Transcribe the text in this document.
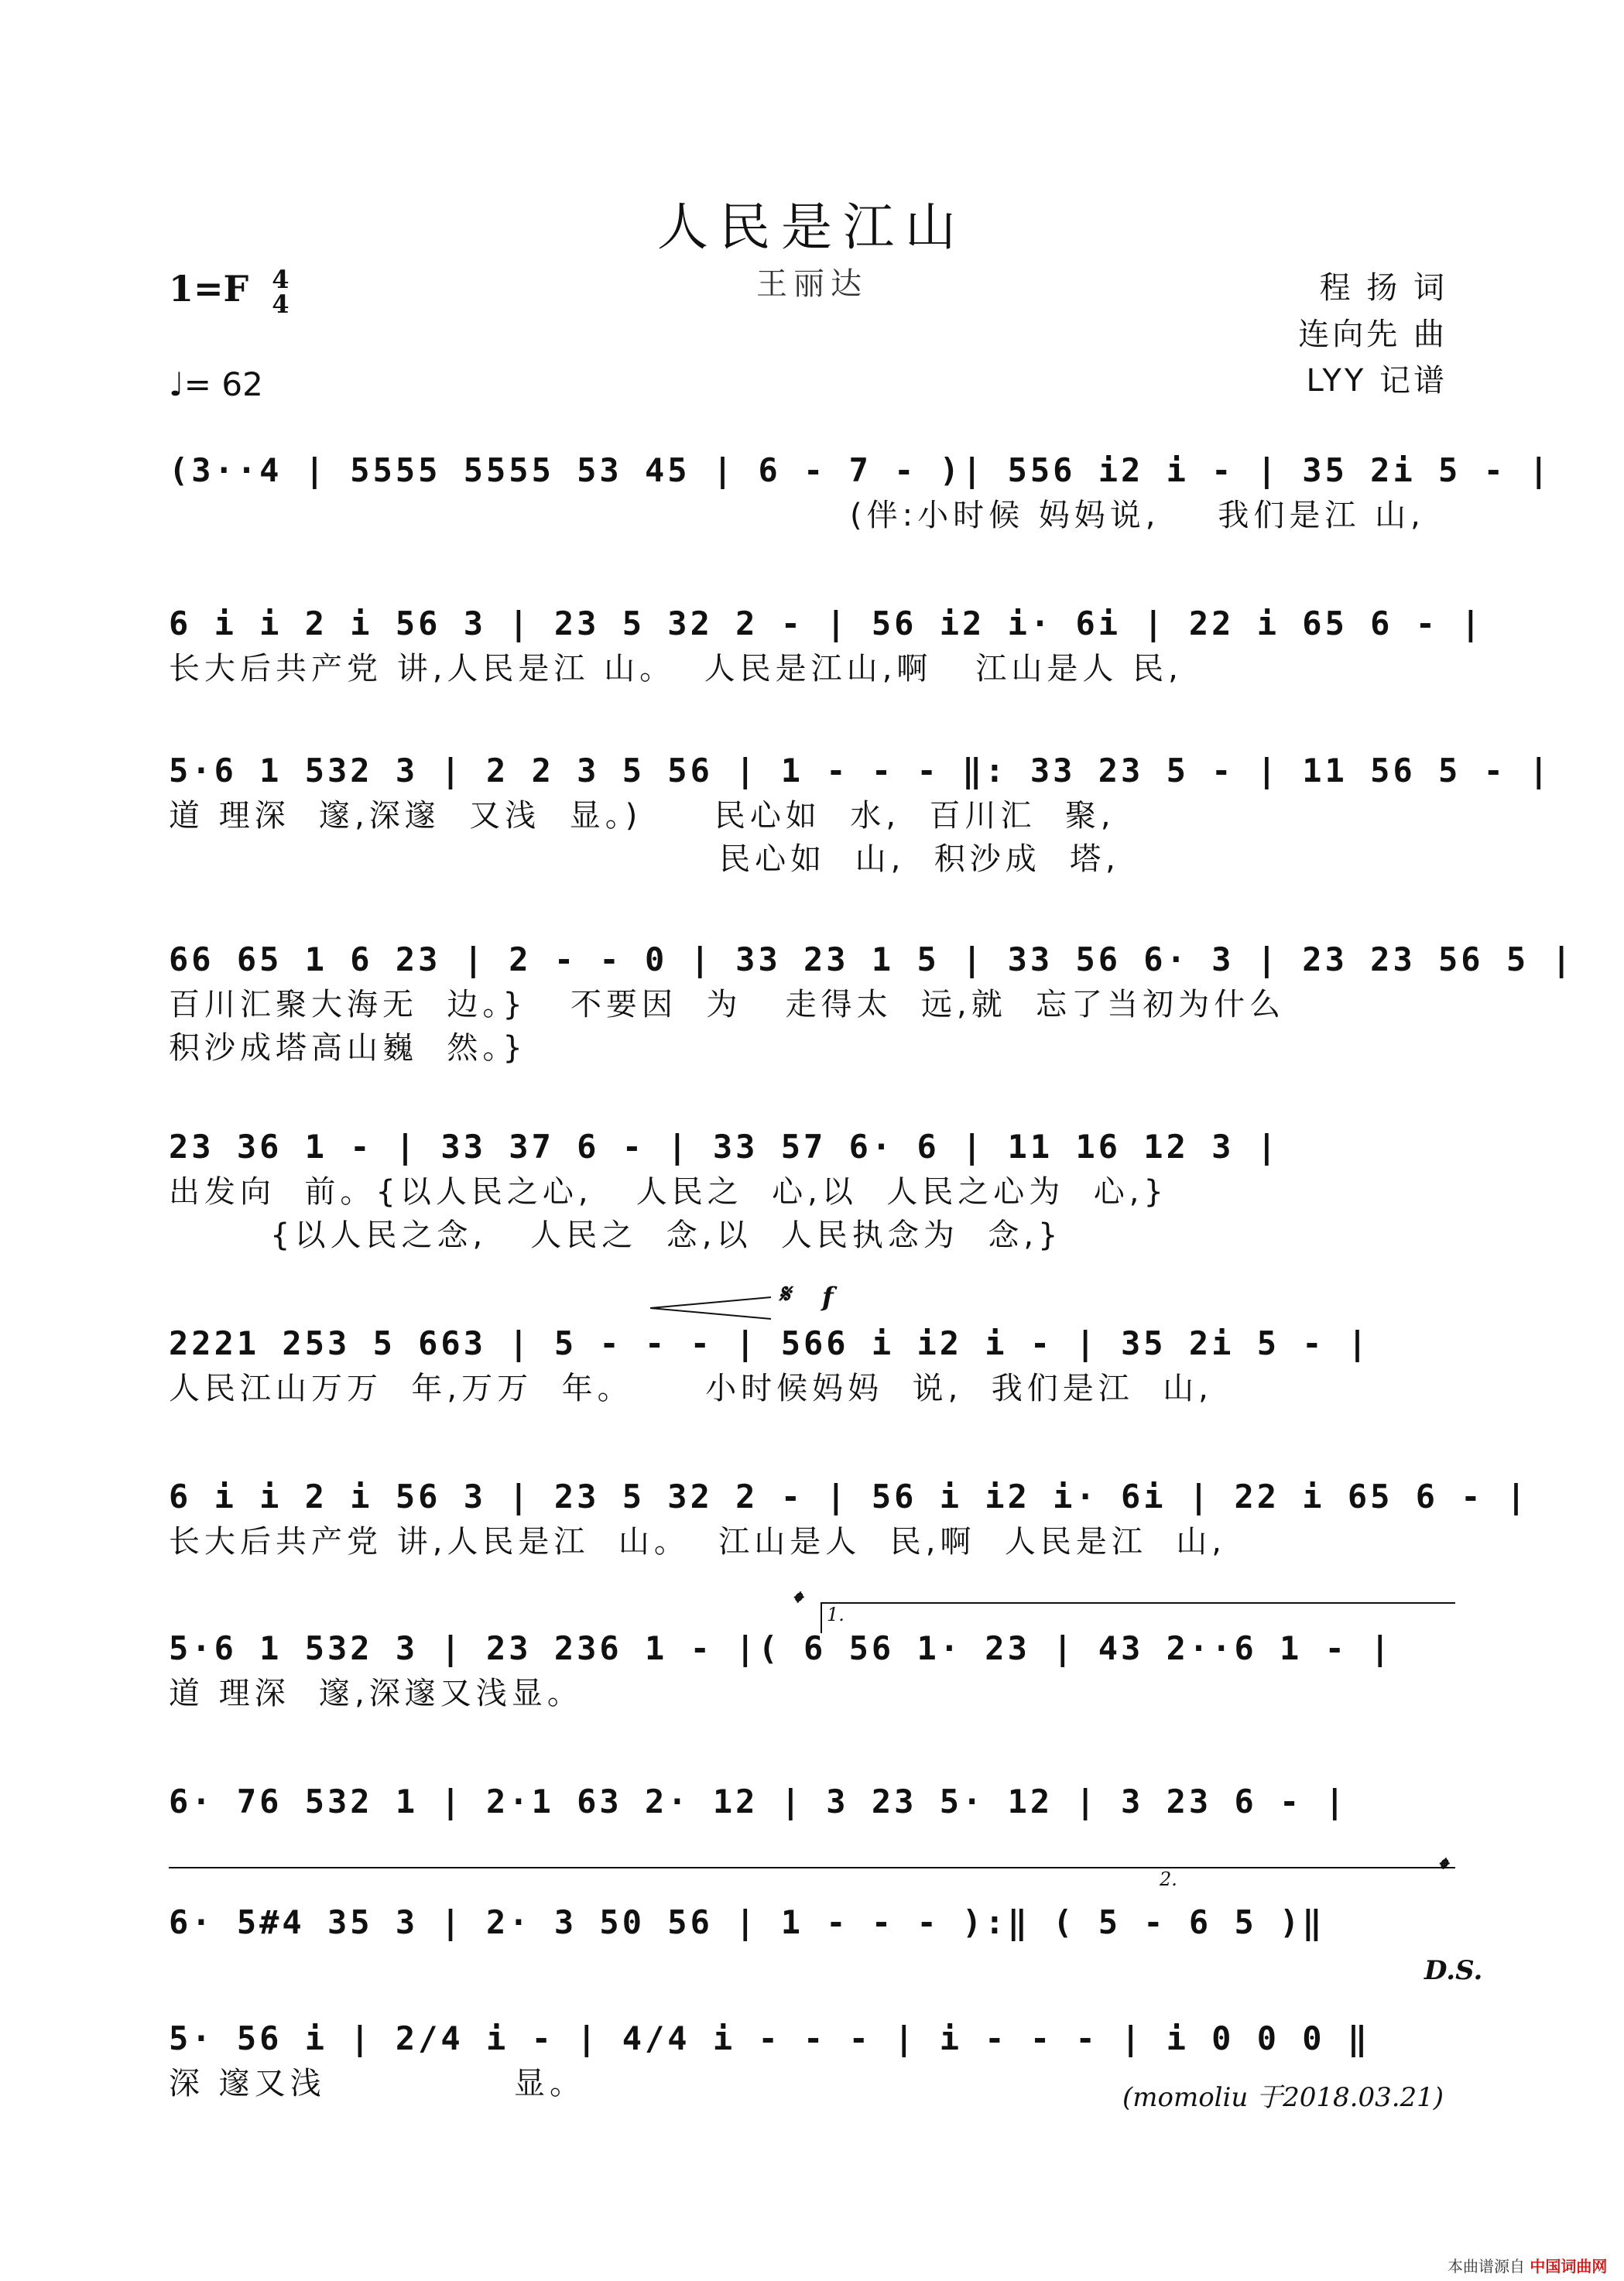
人民是江山
王丽达
1=F 4
4
♩= 62
程 扬 词
连向先 曲
LYY 记谱
(3··4 | 5555 5555 53 45 | 6 - 7 - )| 556 i2 i - | 35 2i 5 - |
(伴:小时候 妈妈说,    我们是江 山,
6 i i 2 i 56 3 | 23 5 32 2 - | 56 i2 i· 6i | 22 i 65 6 - |
长大后共产党 讲,人民是江 山。  人民是江山,啊   江山是人 民,
5·6 1 532 3 | 2 2 3 5 56 | 1 - - - ‖: 33 23 5 - | 11 56 5 - |
道 理深  邃,深邃  又浅  显。)     民心如  水,  百川汇  聚,
民心如  山,  积沙成  塔,
66 65 1 6 23 | 2 - - 0 | 33 23 1 5 | 33 56 6· 3 | 23 23 56 5 |
百川汇聚大海无  边。}   不要因  为   走得太  远,就  忘了当初为什么
积沙成塔高山巍  然。}
23 36 1 - | 33 37 6 - | 33 57 6· 6 | 11 16 12 3 |
出发向  前。{以人民之心,   人民之  心,以  人民之心为  心,}
{以人民之念,   人民之  念,以  人民执念为  念,}
𝄋 f
2221 253 5 663 | 5 - - - | 566 i i2 i - | 35 2i 5 - |
人民江山万万  年,万万  年。     小时候妈妈  说,  我们是江  山,
6 i i 2 i 56 3 | 23 5 32 2 - | 56 i i2 i· 6i | 22 i 65 6 - |
长大后共产党 讲,人民是江  山。  江山是人  民,啊  人民是江  山,
𝄌 1.
5·6 1 532 3 | 23 236 1 - |( 6 56 1· 23 | 43 2··6 1 - |
道 理深  邃,深邃又浅显。
6· 76 532 1 | 2·1 63 2· 12 | 3 23 5· 12 | 3 23 6 - |
2.
6· 5#4 35 3 | 2· 3 50 56 | 1 - - - ):‖ ( 5 - 6 5 )‖
D.S.
𝄌
5· 56 i | 2/4 i - | 4/4 i - - - | i - - - | i 0 0 0 ‖
深 邃又浅             显。	(momoliu 于2018.03.21)
本曲谱源自 中国词曲网
